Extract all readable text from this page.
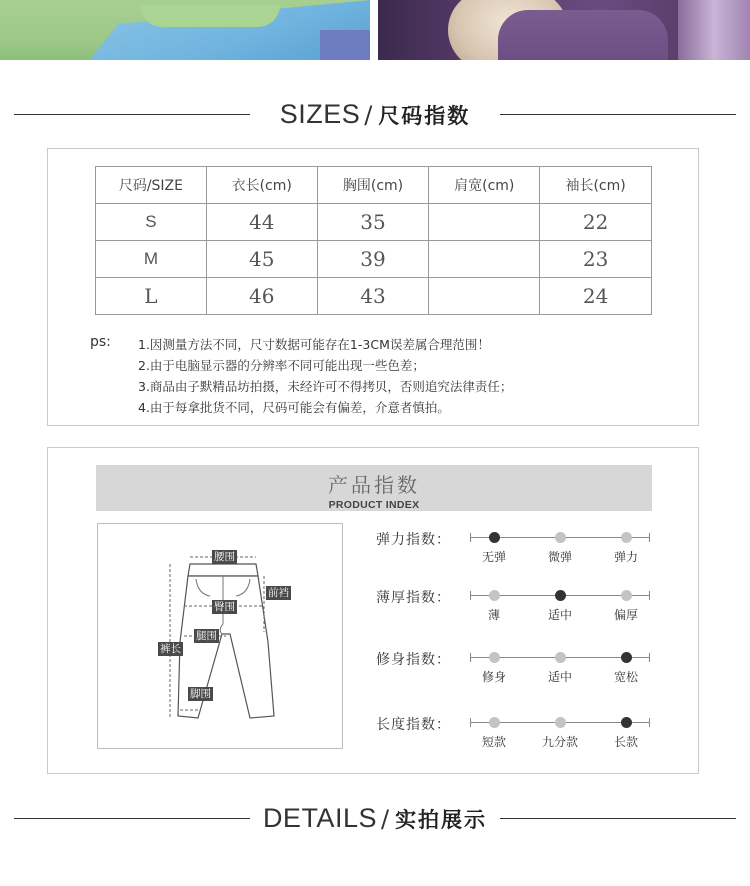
SIZES / 尺码指数
尺码/SIZE	衣长(cm)	胸围(cm)	肩宽(cm)	袖长(cm)
S	44	35		22
M	45	39		23
L	46	43		24
ps: 1.因测量方法不同，尺寸数据可能存在1-3CM误差属合理范围！
2.由于电脑显示器的分辨率不同可能出现一些色差；
3.商品由子默精品坊拍摄，未经许可不得拷贝，否则追究法律责任；
4.由于每拿批货不同，尺码可能会有偏差，介意者慎拍。
产品指数
PRODUCT INDEX
腰围
前裆
臀围
腿围
裤长
脚围
弹力指数：
无弹	微弹	弹力
薄厚指数：
薄	适中	偏厚
修身指数：
修身	适中	宽松
长度指数：
短款	九分款	长款
DETAILS / 实拍展示
